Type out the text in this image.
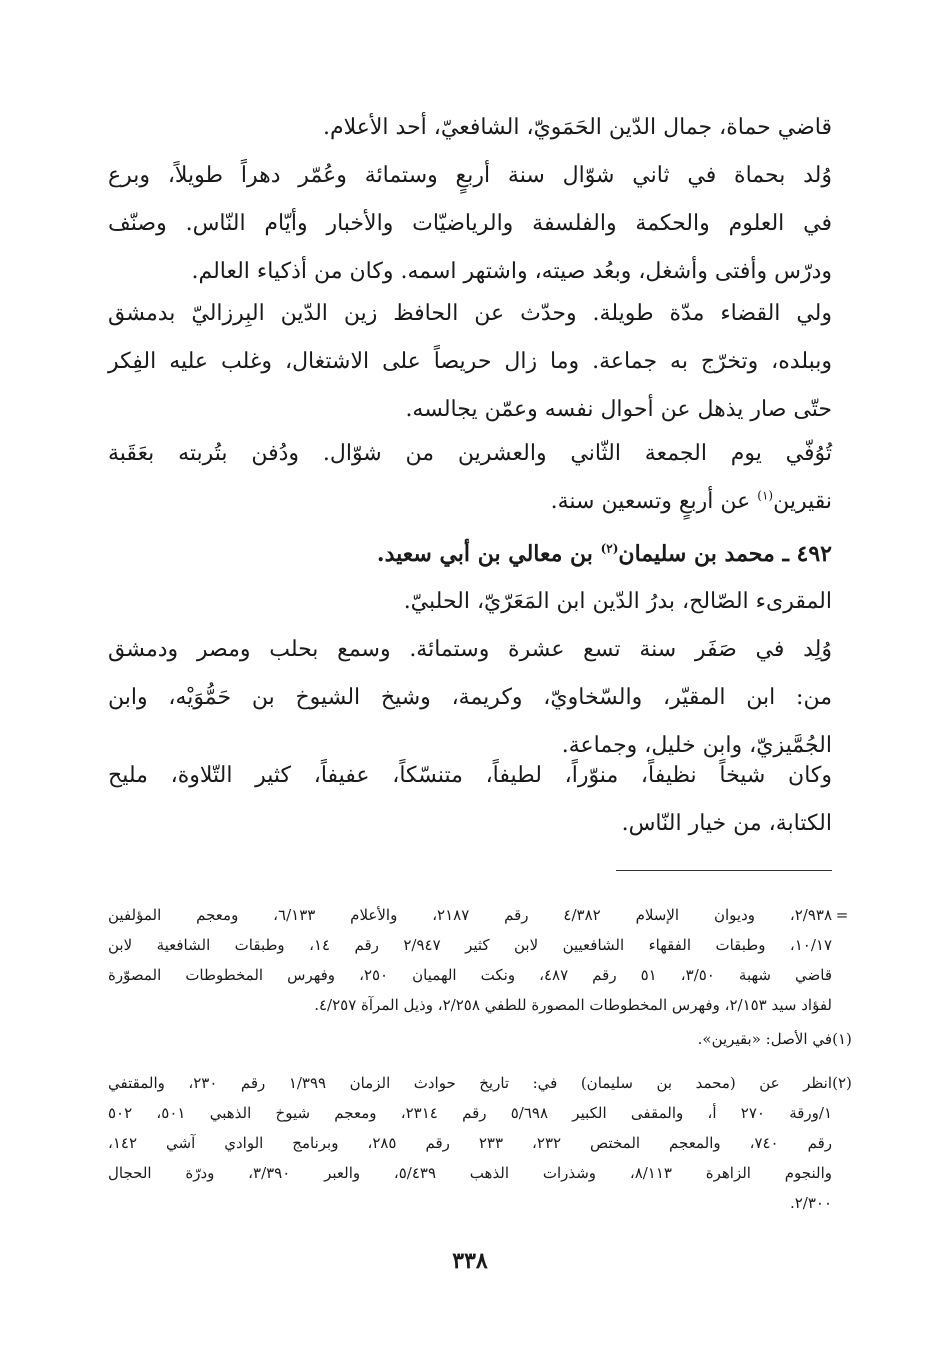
قاضي حماة، جمال الدّين الحَمَويّ، الشافعيّ، أحد الأعلام.
وُلد بحماة في ثاني شوّال سنة أربعٍ وستمائة وعُمّر دهراً طويلاً، وبرع
في العلوم والحكمة والفلسفة والرياضيّات والأخبار وأيّام النّاس. وصنّف
ودرّس وأفتى وأشغل، وبعُد صيته، واشتهر اسمه. وكان من أذكياء العالم.
ولي القضاء مدّة طويلة. وحدّث عن الحافظ زين الدّين البِرزاليّ بدمشق
وببلده، وتخرّج به جماعة. وما زال حريصاً على الاشتغال، وغلب عليه الفِكر
حتّى صار يذهل عن أحوال نفسه وعمّن يجالسه.
تُوُفّي يوم الجمعة الثّاني والعشرين من شوّال. ودُفن بتُربته بعَقَبة
نقيرين$^{(١)}$ عن أربعٍ وتسعين سنة.
٤٩٢ ـ محمد بن سليمان$^{(٢)}$ بن معالي بن أبي سعيد.
المقرىء الصّالح، بدرُ الدّين ابن المَعَرّيّ، الحلبيّ.
وُلِد في صَفَر سنة تسع عشرة وستمائة. وسمع بحلب ومصر ودمشق
من: ابن المقيّر، والسّخاويّ، وكريمة، وشيخ الشيوخ بن حَمُّوَيْه، وابن
الجُمَّيزيّ، وابن خليل، وجماعة.
وكان شيخاً نظيفاً، منوّراً، لطيفاً، متنسّكاً، عفيفاً، كثير التّلاوة، مليح
الكتابة، من خيار النّاس.
=
٢/٩٣٨، وديوان الإسلام ٤/٣٨٢ رقم ٢١٨٧، والأعلام ٦/١٣٣، ومعجم المؤلفين
١٠/١٧، وطبقات الفقهاء الشافعيين لابن كثير ٢/٩٤٧ رقم ١٤، وطبقات الشافعية لابن
قاضي شهبة ٣/٥٠، ٥١ رقم ٤٨٧، ونكت الهميان ٢٥٠، وفهرس المخطوطات المصوّرة
لفؤاد سيد ٢/١٥٣، وفهرس المخطوطات المصورة للطفي ٢/٢٥٨، وذيل المرآة ٤/٢٥٧.
(١)
في الأصل: «بقيرين».
(٢)
انظر عن (محمد بن سليمان) في: تاريخ حوادث الزمان ١/٣٩٩ رقم ٢٣٠، والمقتفي
١/ورقة ٢٧٠ أ، والمقفى الكبير ٥/٦٩٨ رقم ٢٣١٤، ومعجم شيوخ الذهبي ٥٠١، ٥٠٢
رقم ٧٤٠، والمعجم المختص ٢٣٢، ٢٣٣ رقم ٢٨٥، وبرنامج الوادي آشي ١٤٢،
والنجوم الزاهرة ٨/١١٣، وشذرات الذهب ٥/٤٣٩، والعبر ٣/٣٩٠، ودرّة الحجال
٢/٣٠٠.
٣٣٨
